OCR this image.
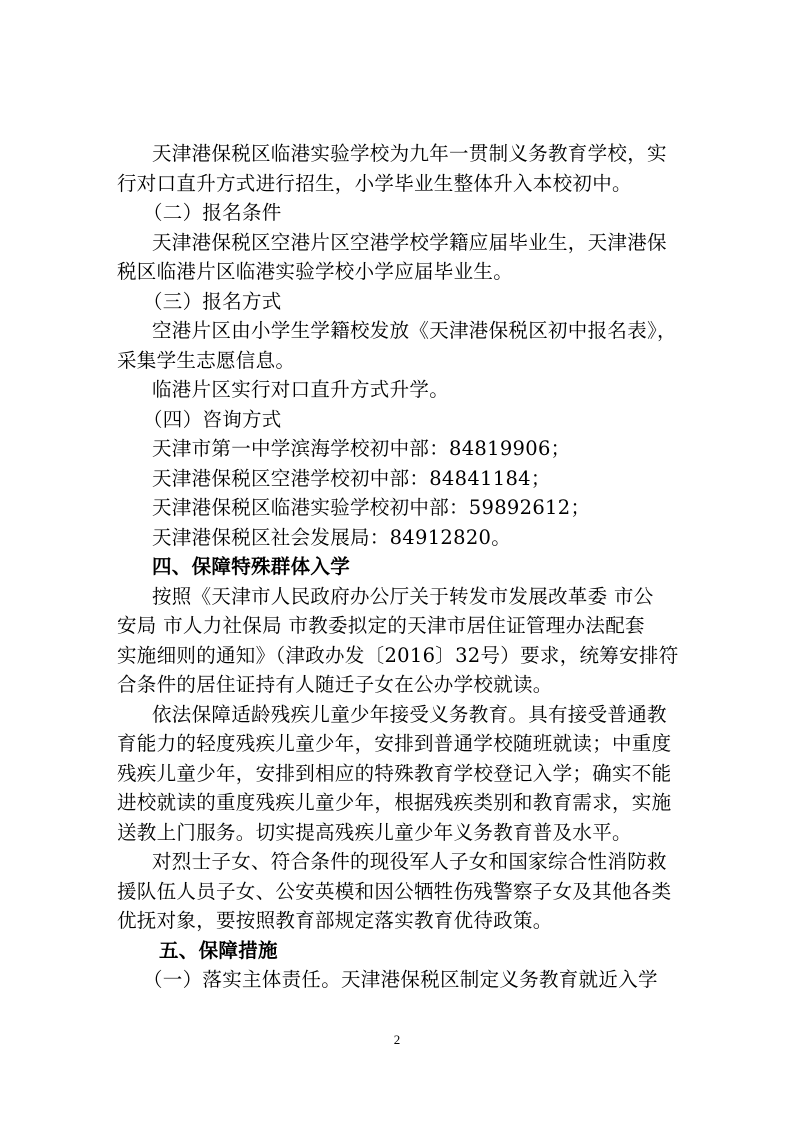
天津港保税区临港实验学校为九年一贯制义务教育学校，实
行对口直升方式进行招生，小学毕业生整体升入本校初中。
（二）报名条件
天津港保税区空港片区空港学校学籍应届毕业生，天津港保
税区临港片区临港实验学校小学应届毕业生。
（三）报名方式
空港片区由小学生学籍校发放《天津港保税区初中报名表》，
采集学生志愿信息。
临港片区实行对口直升方式升学。
（四）咨询方式
天津市第一中学滨海学校初中部：84819906；
天津港保税区空港学校初中部：84841184；
天津港保税区临港实验学校初中部：59892612；
天津港保税区社会发展局：84912820。
四、保障特殊群体入学
按照《天津市人民政府办公厅关于转发市发展改革委 市公
安局 市人力社保局 市教委拟定的天津市居住证管理办法配套
实施细则的通知》（津政办发〔2016〕32号）要求，统筹安排符
合条件的居住证持有人随迁子女在公办学校就读。
依法保障适龄残疾儿童少年接受义务教育。具有接受普通教
育能力的轻度残疾儿童少年，安排到普通学校随班就读；中重度
残疾儿童少年，安排到相应的特殊教育学校登记入学；确实不能
进校就读的重度残疾儿童少年，根据残疾类别和教育需求，实施
送教上门服务。切实提高残疾儿童少年义务教育普及水平。
对烈士子女、符合条件的现役军人子女和国家综合性消防救
援队伍人员子女、公安英模和因公牺牲伤残警察子女及其他各类
优抚对象，要按照教育部规定落实教育优待政策。
五、保障措施
（一）落实主体责任。天津港保税区制定义务教育就近入学
2
